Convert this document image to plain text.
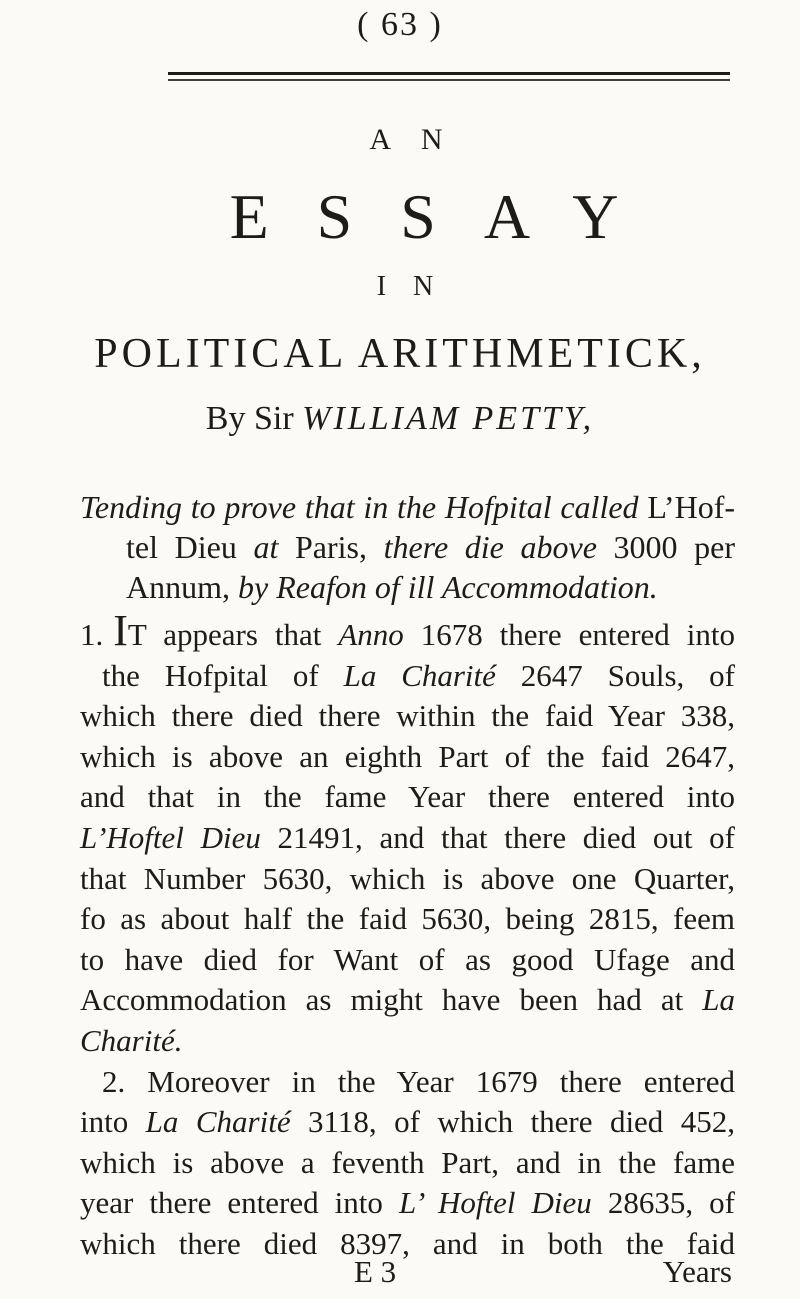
( 63 )
A N
ESSAY
I N
POLITICAL ARITHMETICK,
By Sir WILLIAM PETTY,
Tending to prove that in the Hofpital called L’Hof-
tel Dieu at Paris, there die above 3000 per
Annum, by Reafon of ill Accommodation.
1. IT appears that Anno 1678 there entered into
the Hofpital of La Charité 2647 Souls, of
which there died there within the faid Year 338,
which is above an eighth Part of the faid 2647,
and that in the fame Year there entered into
L’Hoftel Dieu 21491, and that there died out of
that Number 5630, which is above one Quarter,
fo as about half the faid 5630, being 2815, feem
to have died for Want of as good Ufage and
Accommodation as might have been had at La
Charité.
2. Moreover in the Year 1679 there entered
into La Charité 3118, of which there died 452,
which is above a feventh Part, and in the fame
year there entered into L’ Hoftel Dieu 28635, of
which there died 8397, and in both the faid
E 3	Years
